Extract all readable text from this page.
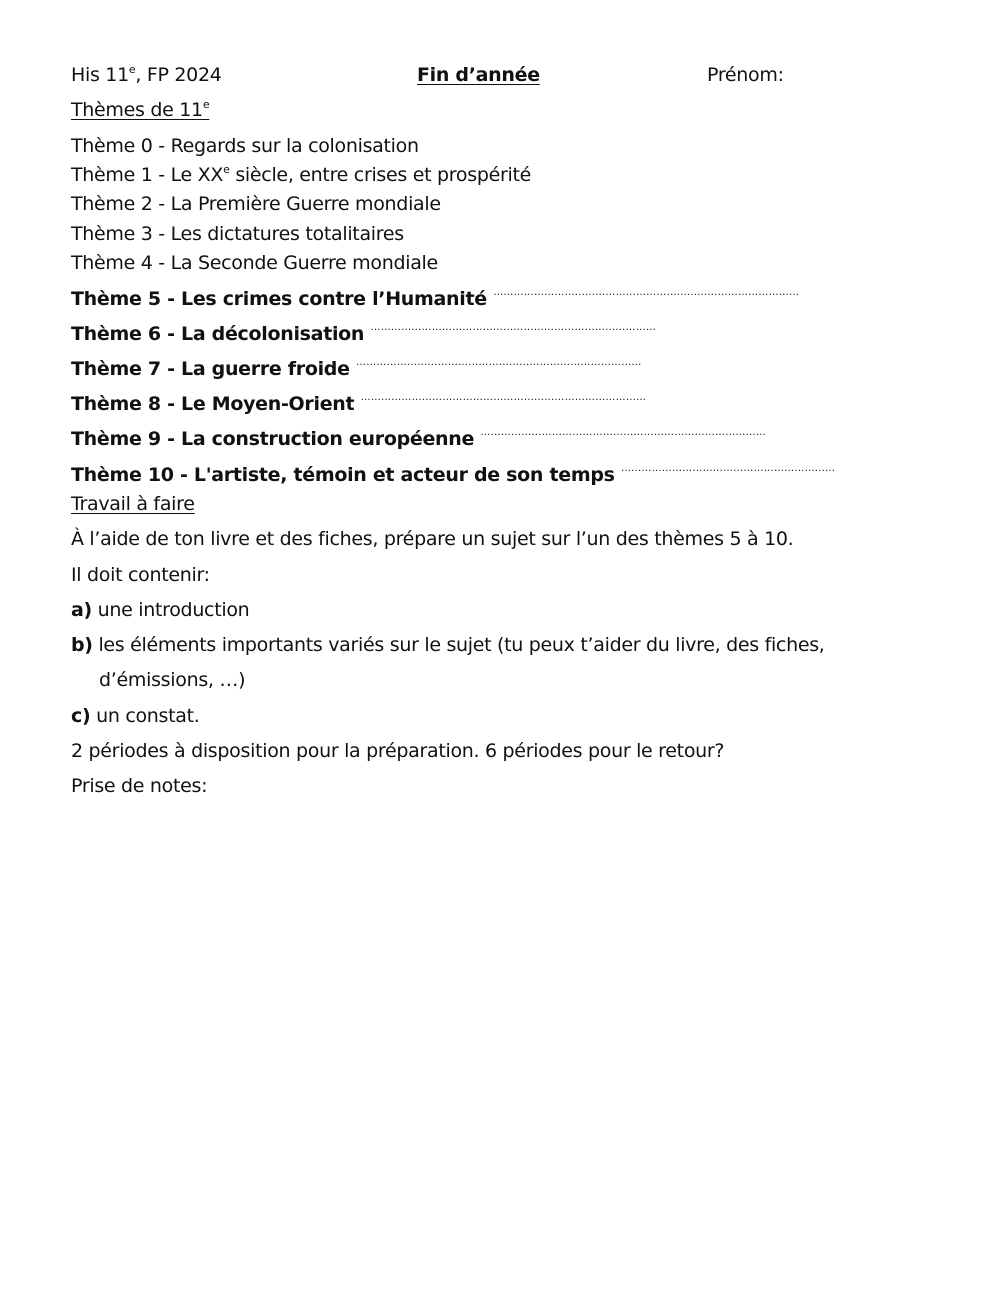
His 11e, FP 2024	Fin d’année	Prénom:
Thèmes de 11e
Thème 0 - Regards sur la colonisation
Thème 1 - Le XXe siècle, entre crises et prospérité
Thème 2 - La Première Guerre mondiale
Thème 3 - Les dictatures totalitaires
Thème 4 - La Seconde Guerre mondiale
Thème 5 - Les crimes contre l’Humanité ………………………………………………………………………………
Thème 6 - La décolonisation …………………………………………………………………………
Thème 7 - La guerre froide …………………………………………………………………………
Thème 8 - Le Moyen-Orient …………………………………………………………………………
Thème 9 - La construction européenne …………………………………………………………………………
Thème 10 - L'artiste, témoin et acteur de son temps ………………………………………………………
Travail à faire
À l’aide de ton livre et des fiches, prépare un sujet sur l’un des thèmes 5 à 10.
Il doit contenir:
a) une introduction
b) les éléments importants variés sur le sujet (tu peux t’aider du livre, des fiches,
d’émissions, …)
c) un constat.
2 périodes à disposition pour la préparation. 6 périodes pour le retour?
Prise de notes:
